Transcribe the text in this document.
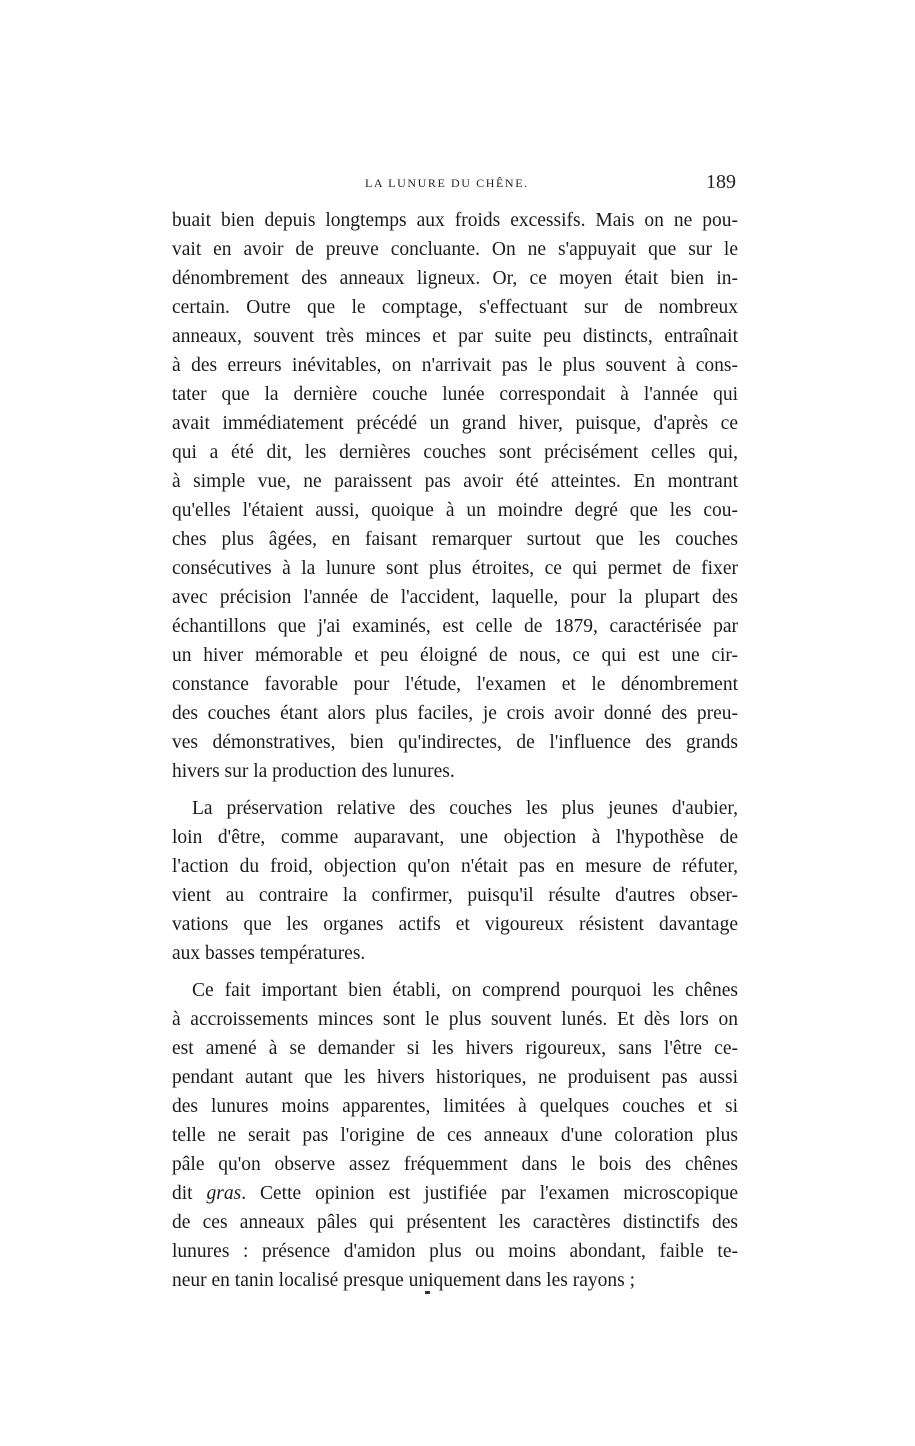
LA LUNURE DU CHÊNE.	189
buait bien depuis longtemps aux froids excessifs. Mais on ne pou-
vait en avoir de preuve concluante. On ne s'appuyait que sur le
dénombrement des anneaux ligneux. Or, ce moyen était bien in-
certain. Outre que le comptage, s'effectuant sur de nombreux
anneaux, souvent très minces et par suite peu distincts, entraînait
à des erreurs inévitables, on n'arrivait pas le plus souvent à cons-
tater que la dernière couche lunée correspondait à l'année qui
avait immédiatement précédé un grand hiver, puisque, d'après ce
qui a été dit, les dernières couches sont précisément celles qui,
à simple vue, ne paraissent pas avoir été atteintes. En montrant
qu'elles l'étaient aussi, quoique à un moindre degré que les cou-
ches plus âgées, en faisant remarquer surtout que les couches
consécutives à la lunure sont plus étroites, ce qui permet de fixer
avec précision l'année de l'accident, laquelle, pour la plupart des
échantillons que j'ai examinés, est celle de 1879, caractérisée par
un hiver mémorable et peu éloigné de nous, ce qui est une cir-
constance favorable pour l'étude, l'examen et le dénombrement
des couches étant alors plus faciles, je crois avoir donné des preu-
ves démonstratives, bien qu'indirectes, de l'influence des grands
hivers sur la production des lunures.
La préservation relative des couches les plus jeunes d'aubier,
loin d'être, comme auparavant, une objection à l'hypothèse de
l'action du froid, objection qu'on n'était pas en mesure de réfuter,
vient au contraire la confirmer, puisqu'il résulte d'autres obser-
vations que les organes actifs et vigoureux résistent davantage
aux basses températures.
Ce fait important bien établi, on comprend pourquoi les chênes
à accroissements minces sont le plus souvent lunés. Et dès lors on
est amené à se demander si les hivers rigoureux, sans l'être ce-
pendant autant que les hivers historiques, ne produisent pas aussi
des lunures moins apparentes, limitées à quelques couches et si
telle ne serait pas l'origine de ces anneaux d'une coloration plus
pâle qu'on observe assez fréquemment dans le bois des chênes
dit gras. Cette opinion est justifiée par l'examen microscopique
de ces anneaux pâles qui présentent les caractères distinctifs des
lunures : présence d'amidon plus ou moins abondant, faible te-
neur en tanin localisé presque uniquement dans les rayons ;
